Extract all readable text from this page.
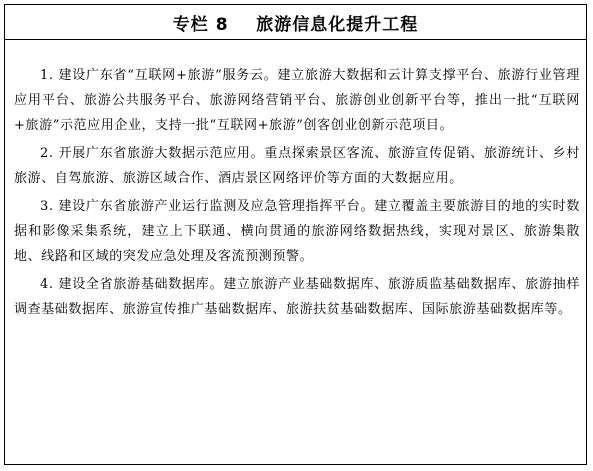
专栏 8    旅游信息化提升工程

1. 建设广东省“互联网+旅游”服务云。建立旅游大数据和云计算支撑平台、旅游行业管理应用平台、旅游公共服务平台、旅游网络营销平台、旅游创业创新平台等，推出一批“互联网+旅游”示范应用企业，支持一批“互联网+旅游”创客创业创新示范项目。

2. 开展广东省旅游大数据示范应用。重点探索景区客流、旅游宣传促销、旅游统计、乡村旅游、自驾旅游、旅游区域合作、酒店景区网络评价等方面的大数据应用。

3. 建设广东省旅游产业运行监测及应急管理指挥平台。建立覆盖主要旅游目的地的实时数据和影像采集系统，建立上下联通、横向贯通的旅游网络数据热线，实现对景区、旅游集散地、线路和区域的突发应急处理及客流预测预警。

4. 建设全省旅游基础数据库。建立旅游产业基础数据库、旅游质监基础数据库、旅游抽样调查基础数据库、旅游宣传推广基础数据库、旅游扶贫基础数据库、国际旅游基础数据库等。
